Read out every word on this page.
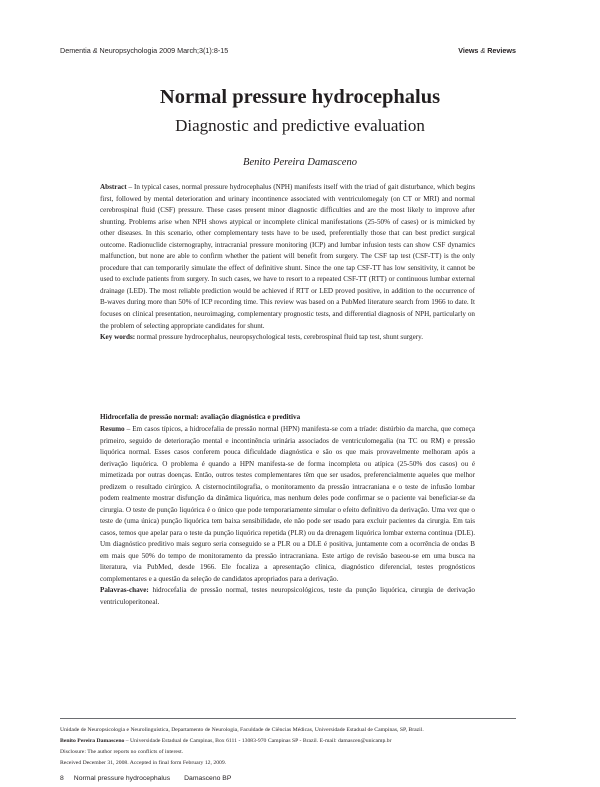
Dementia & Neuropsychologia 2009 March;3(1):8-15	Views & Reviews
Normal pressure hydrocephalus
Diagnostic and predictive evaluation
Benito Pereira Damasceno

Abstract – In typical cases, normal pressure hydrocephalus (NPH) manifests itself with the triad of gait disturbance, which begins first, followed by mental deterioration and urinary incontinence associated with ventriculomegaly (on CT or MRI) and normal cerebrospinal fluid (CSF) pressure. These cases present minor diagnostic difficulties and are the most likely to improve after shunting. Problems arise when NPH shows atypical or incomplete clinical manifestations (25-50% of cases) or is mimicked by other diseases. In this scenario, other complementary tests have to be used, preferentially those that can best predict surgical outcome. Radionuclide cisternography, intracranial pressure monitoring (ICP) and lumbar infusion tests can show CSF dynamics malfunction, but none are able to confirm whether the patient will benefit from surgery. The CSF tap test (CSF-TT) is the only procedure that can temporarily simulate the effect of definitive shunt. Since the one tap CSF-TT has low sensitivity, it cannot be used to exclude patients from surgery. In such cases, we have to resort to a repeated CSF-TT (RTT) or continuous lumbar external drainage (LED). The most reliable prediction would be achieved if RTT or LED proved positive, in addition to the occurrence of B-waves during more than 50% of ICP recording time. This review was based on a PubMed literature search from 1966 to date. It focuses on clinical presentation, neuroimaging, complementary prognostic tests, and differential diagnosis of NPH, particularly on the problem of selecting appropriate candidates for shunt.
Key words: normal pressure hydrocephalus, neuropsychological tests, cerebrospinal fluid tap test, shunt surgery.

Hidrocefalia de pressão normal: avaliação diagnóstica e preditiva

Resumo – Em casos típicos, a hidrocefalia de pressão normal (HPN) manifesta-se com a tríade: distúrbio da marcha, que começa primeiro, seguido de deterioração mental e incontinência urinária associados de ventriculomegalia (na TC ou RM) e pressão liquórica normal. Esses casos conferem pouca dificuldade diagnóstica e são os que mais provavelmente melhoram após a derivação liquórica. O problema é quando a HPN manifesta-se de forma incompleta ou atípica (25-50% dos casos) ou é mimetizada por outras doenças. Então, outros testes complementares têm que ser usados, preferencialmente aqueles que melhor predizem o resultado cirúrgico. A cisternocintilografia, o monitoramento da pressão intracraniana e o teste de infusão lombar podem realmente mostrar disfunção da dinâmica liquórica, mas nenhum deles pode confirmar se o paciente vai beneficiar-se da cirurgia. O teste de punção liquórica é o único que pode temporariamente simular o efeito definitivo da derivação. Uma vez que o teste de (uma única) punção liquórica tem baixa sensibilidade, ele não pode ser usado para excluir pacientes da cirurgia. Em tais casos, temos que apelar para o teste da punção liquórica repetida (PLR) ou da drenagem liquórica lombar externa contínua (DLE). Um diagnóstico preditivo mais seguro seria conseguido se a PLR ou a DLE é positiva, juntamente com a ocorrência de ondas B em mais que 50% do tempo de monitoramento da pressão intracraniana. Este artigo de revisão baseou-se em uma busca na literatura, via PubMed, desde 1966. Ele focaliza a apresentação clínica, diagnóstico diferencial, testes prognósticos complementares e a questão da seleção de candidatos apropriados para a derivação.
Palavras-chave: hidrocefalia de pressão normal, testes neuropsicológicos, teste da punção liquórica, cirurgia de derivação ventriculoperitoneal.

Unidade de Neuropsicologia e Neurolinguística, Departamento de Neurologia, Faculdade de Ciências Médicas, Universidade Estadual de Campinas, SP, Brazil.
Benito Pereira Damasceno – Universidade Estadual de Campinas, Box 6111 - 13083-970 Campinas SP - Brazil. E-mail: damascen@unicamp.br
Disclosure: The author reports no conflicts of interest.
Received December 31, 2008. Accepted in final form February 12, 2009.
8 Normal pressure hydrocephalus Damasceno BP
